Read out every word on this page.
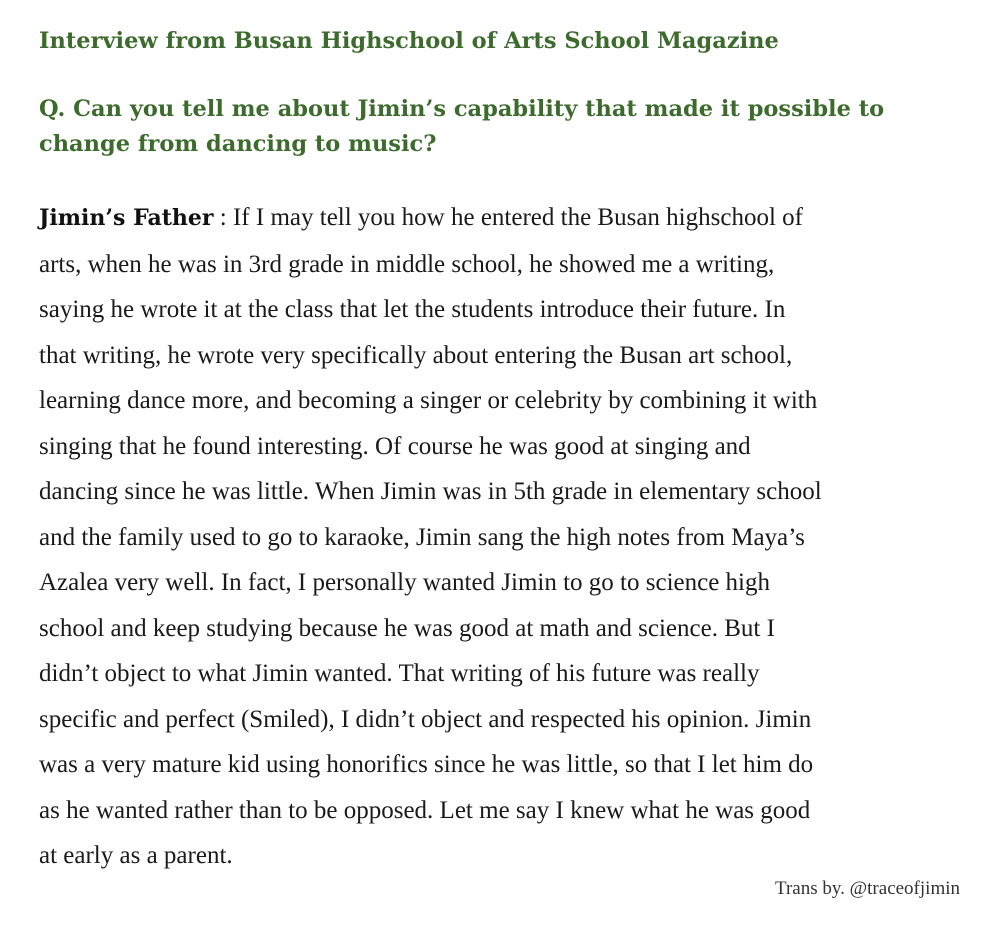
Interview from Busan Highschool of Arts School Magazine
Q. Can you tell me about Jimin’s capability that made it possible to
change from dancing to music?
Jimin’s Father : If I may tell you how he entered the Busan highschool of
arts, when he was in 3rd grade in middle school, he showed me a writing,
saying he wrote it at the class that let the students introduce their future. In
that writing, he wrote very specifically about entering the Busan art school,
learning dance more, and becoming a singer or celebrity by combining it with
singing that he found interesting. Of course he was good at singing and
dancing since he was little. When Jimin was in 5th grade in elementary school
and the family used to go to karaoke, Jimin sang the high notes from Maya’s
Azalea very well. In fact, I personally wanted Jimin to go to science high
school and keep studying because he was good at math and science. But I
didn’t object to what Jimin wanted. That writing of his future was really
specific and perfect (Smiled), I didn’t object and respected his opinion. Jimin
was a very mature kid using honorifics since he was little, so that I let him do
as he wanted rather than to be opposed. Let me say I knew what he was good
at early as a parent.

Trans by. @traceofjimin
